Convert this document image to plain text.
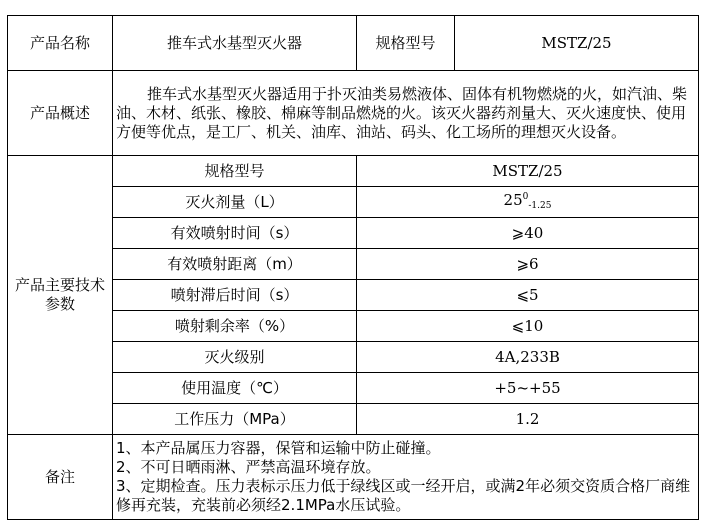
产品名称	推车式水基型灭火器	规格型号	MSTZ/25
产品概述	推车式水基型灭火器适用于扑灭油类易燃液体、固体有机物燃烧的火，如汽油、柴油、木材、纸张、橡胶、棉麻等制品燃烧的火。该灭火器药剂量大、灭火速度快、使用方便等优点，是工厂、机关、油库、油站、码头、化工场所的理想灭火设备。		
产品主要技术参数	规格型号	MSTZ/25	
	灭火剂量（L）	$25^0_{-1.25}$
	有效喷射时间（s）	⩾40	
	有效喷射距离（m）	⩾6	
	喷射滞后时间（s）	⩽5	
	喷射剩余率（%）	⩽10	
	灭火级别	4A,233B	
	使用温度（℃）	+5~+55	
	工作压力（MPa）	1.2	
备注	1、本产品属压力容器，保管和运输中防止碰撞。
2、不可日晒雨淋、严禁高温环境存放。
3、定期检查。压力表标示压力低于绿线区或一经开启，或满2年必须交资质合格厂商维修再充装，充装前必须经2.1MPa水压试验。		
